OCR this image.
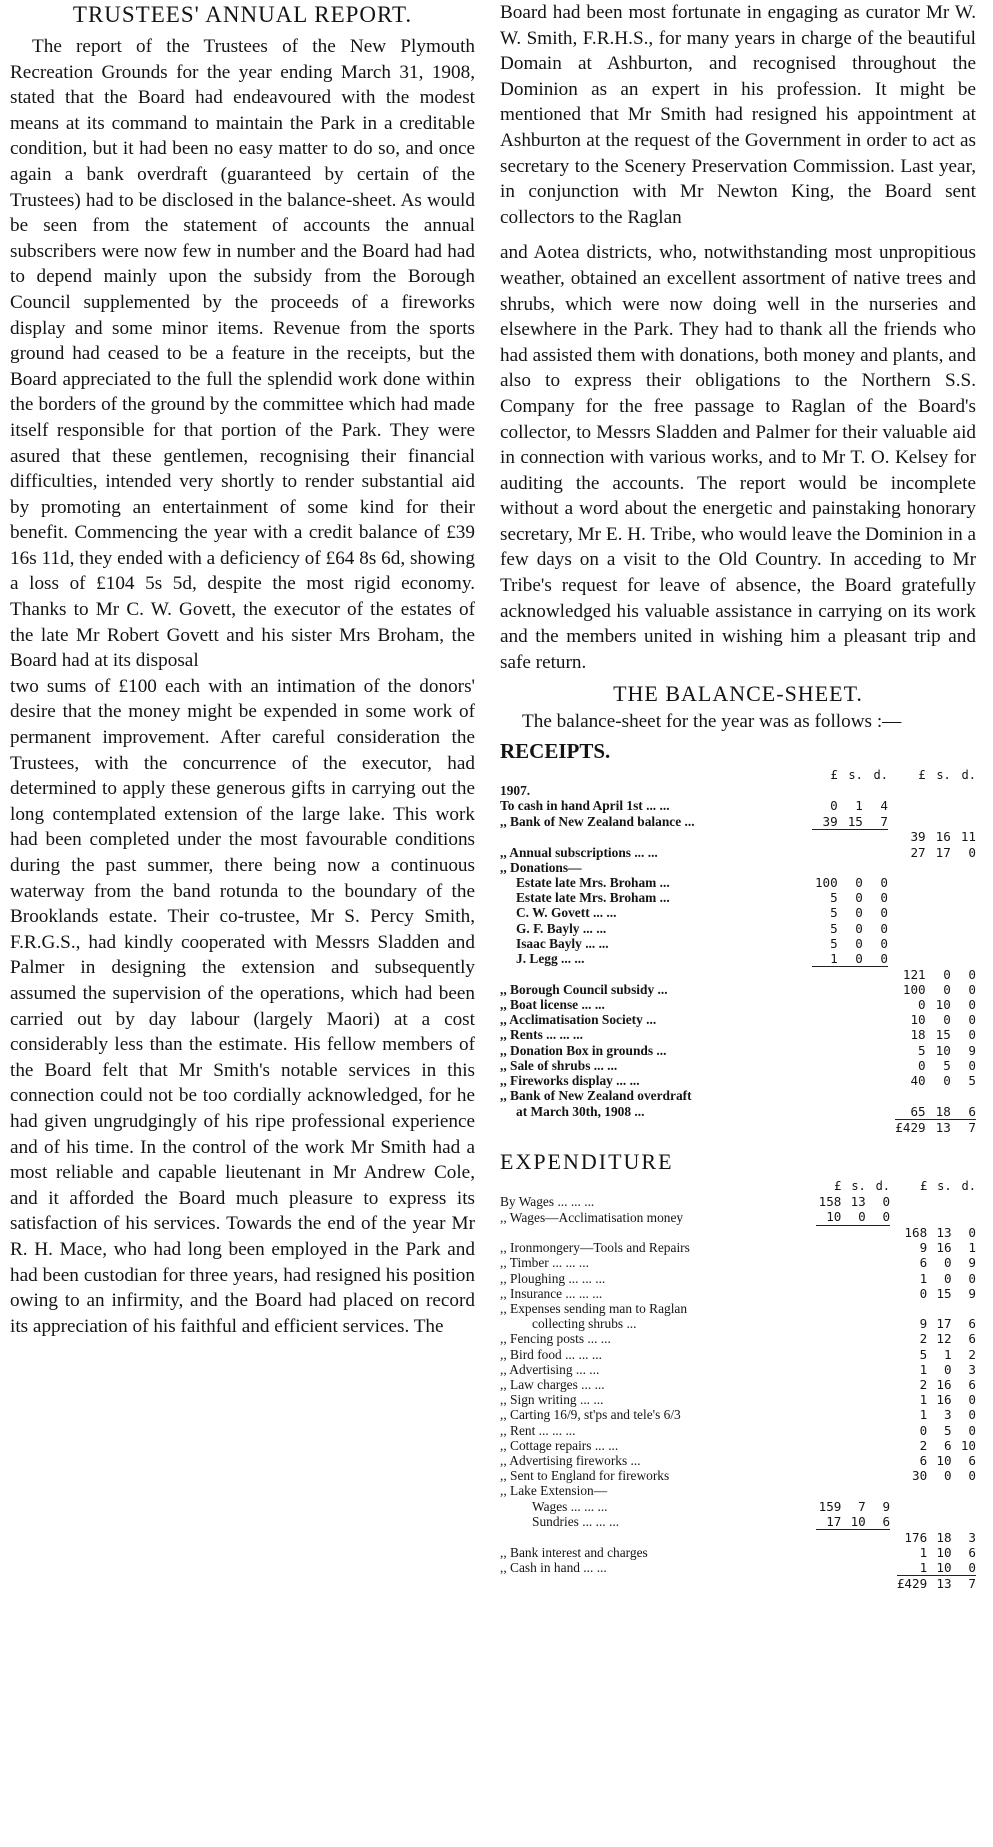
TRUSTEES' ANNUAL REPORT.

The report of the Trustees of the New Plymouth Recreation Grounds for the year ending March 31, 1908, stated that the Board had endeavoured with the modest means at its command to maintain the Park in a creditable condition, but it had been no easy matter to do so, and once again a bank overdraft (guaranteed by certain of the Trustees) had to be disclosed in the balance-sheet. As would be seen from the statement of accounts the annual subscribers were now few in number and the Board had had to depend mainly upon the subsidy from the Borough Council supplemented by the proceeds of a fireworks display and some minor items. Revenue from the sports ground had ceased to be a feature in the receipts, but the Board appreciated to the full the splendid work done within the borders of the ground by the committee which had made itself responsible for that portion of the Park. They were asured that these gentlemen, recognising their financial difficulties, intended very shortly to render substantial aid by promoting an entertainment of some kind for their benefit. Commencing the year with a credit balance of £39 16s 11d, they ended with a deficiency of £64 8s 6d, showing a loss of £104 5s 5d, despite the most rigid economy. Thanks to Mr C. W. Govett, the executor of the estates of the late Mr Robert Govett and his sister Mrs Broham, the Board had at its disposal

two sums of £100 each with an intimation of the donors' desire that the money might be expended in some work of permanent improvement. After careful consideration the Trustees, with the concurrence of the executor, had determined to apply these generous gifts in carrying out the long contemplated extension of the large lake. This work had been completed under the most favourable conditions during the past summer, there being now a continuous waterway from the band rotunda to the boundary of the Brooklands estate. Their co-trustee, Mr S. Percy Smith, F.R.G.S., had kindly cooperated with Messrs Sladden and Palmer in designing the extension and subsequently assumed the supervision of the operations, which had been carried out by day labour (largely Maori) at a cost considerably less than the estimate. His fellow members of the Board felt that Mr Smith's notable services in this connection could not be too cordially acknowledged, for he had given ungrudgingly of his ripe professional experience and of his time. In the control of the work Mr Smith had a most reliable and capable lieutenant in Mr Andrew Cole, and it afforded the Board much pleasure to express its satisfaction of his services. Towards the end of the year Mr R. H. Mace, who had long been employed in the Park and had been custodian for three years, had resigned his position owing to an infirmity, and the Board had placed on record its appreciation of his faithful and efficient services. The

Board had been most fortunate in engaging as curator Mr W. W. Smith, F.R.H.S., for many years in charge of the beautiful Domain at Ashburton, and recognised throughout the Dominion as an expert in his profession. It might be mentioned that Mr Smith had resigned his appointment at Ashburton at the request of the Government in order to act as secretary to the Scenery Preservation Commission. Last year, in conjunction with Mr Newton King, the Board sent collectors to the Raglan

and Aotea districts, who, notwithstanding most unpropitious weather, obtained an excellent assortment of native trees and shrubs, which were now doing well in the nurseries and elsewhere in the Park. They had to thank all the friends who had assisted them with donations, both money and plants, and also to express their obligations to the Northern S.S. Company for the free passage to Raglan of the Board's collector, to Messrs Sladden and Palmer for their valuable aid in connection with various works, and to Mr T. O. Kelsey for auditing the accounts. The report would be incomplete without a word about the energetic and painstaking honorary secretary, Mr E. H. Tribe, who would leave the Dominion in a few days on a visit to the Old Country. In acceding to Mr Tribe's request for leave of absence, the Board gratefully acknowledged his valuable assistance in carrying on its work and the members united in wishing him a pleasant trip and safe return.

THE BALANCE-SHEET.

The balance-sheet for the year was as follows :—

RECEIPTS.
	£	s.	d.		£	s.	d.
1907.							
To cash in hand April 1st ... ...	0	1	4				
,, Bank of New Zealand balance ...	39	15	7				
					39	16	11
,, Annual subscriptions ... ...					27	17	0
,, Donations—							
Estate late Mrs. Broham ...	100	0	0				
Estate late Mrs. Broham ...	5	0	0				
C. W. Govett ... ...	5	0	0				
G. F. Bayly ... ...	5	0	0				
Isaac Bayly ... ...	5	0	0				
J. Legg ... ...	1	0	0				
					121	0	0
,, Borough Council subsidy ...					100	0	0
,, Boat license ... ...					0	10	0
,, Acclimatisation Society ...					10	0	0
,, Rents ... ... ...					18	15	0
,, Donation Box in grounds ...					5	10	9
,, Sale of shrubs ... ...					0	5	0
,, Fireworks display ... ...					40	0	5
,, Bank of New Zealand overdraft							
at March 30th, 1908 ...					65	18	6
					£429	13	7
EXPENDITURE
	£	s.	d.		£	s.	d.
By Wages ... ... ...	158	13	0				
,, Wages—Acclimatisation money	10	0	0				
					168	13	0
,, Ironmongery—Tools and Repairs					9	16	1
,, Timber ... ... ...					6	0	9
,, Ploughing ... ... ...					1	0	0
,, Insurance ... ... ...					0	15	9
,, Expenses sending man to Raglan							
collecting shrubs ...					9	17	6
,, Fencing posts ... ...					2	12	6
,, Bird food ... ... ...					5	1	2
,, Advertising ... ...					1	0	3
,, Law charges ... ...					2	16	6
,, Sign writing ... ...					1	16	0
,, Carting 16/9, st'ps and tele's 6/3					1	3	0
,, Rent ... ... ...					0	5	0
,, Cottage repairs ... ...					2	6	10
,, Advertising fireworks ...					6	10	6
,, Sent to England for fireworks					30	0	0
,, Lake Extension—							
Wages ... ... ...	159	7	9				
Sundries ... ... ...	17	10	6				
					176	18	3
,, Bank interest and charges					1	10	6
,, Cash in hand ... ...					1	10	0
					£429	13	7
